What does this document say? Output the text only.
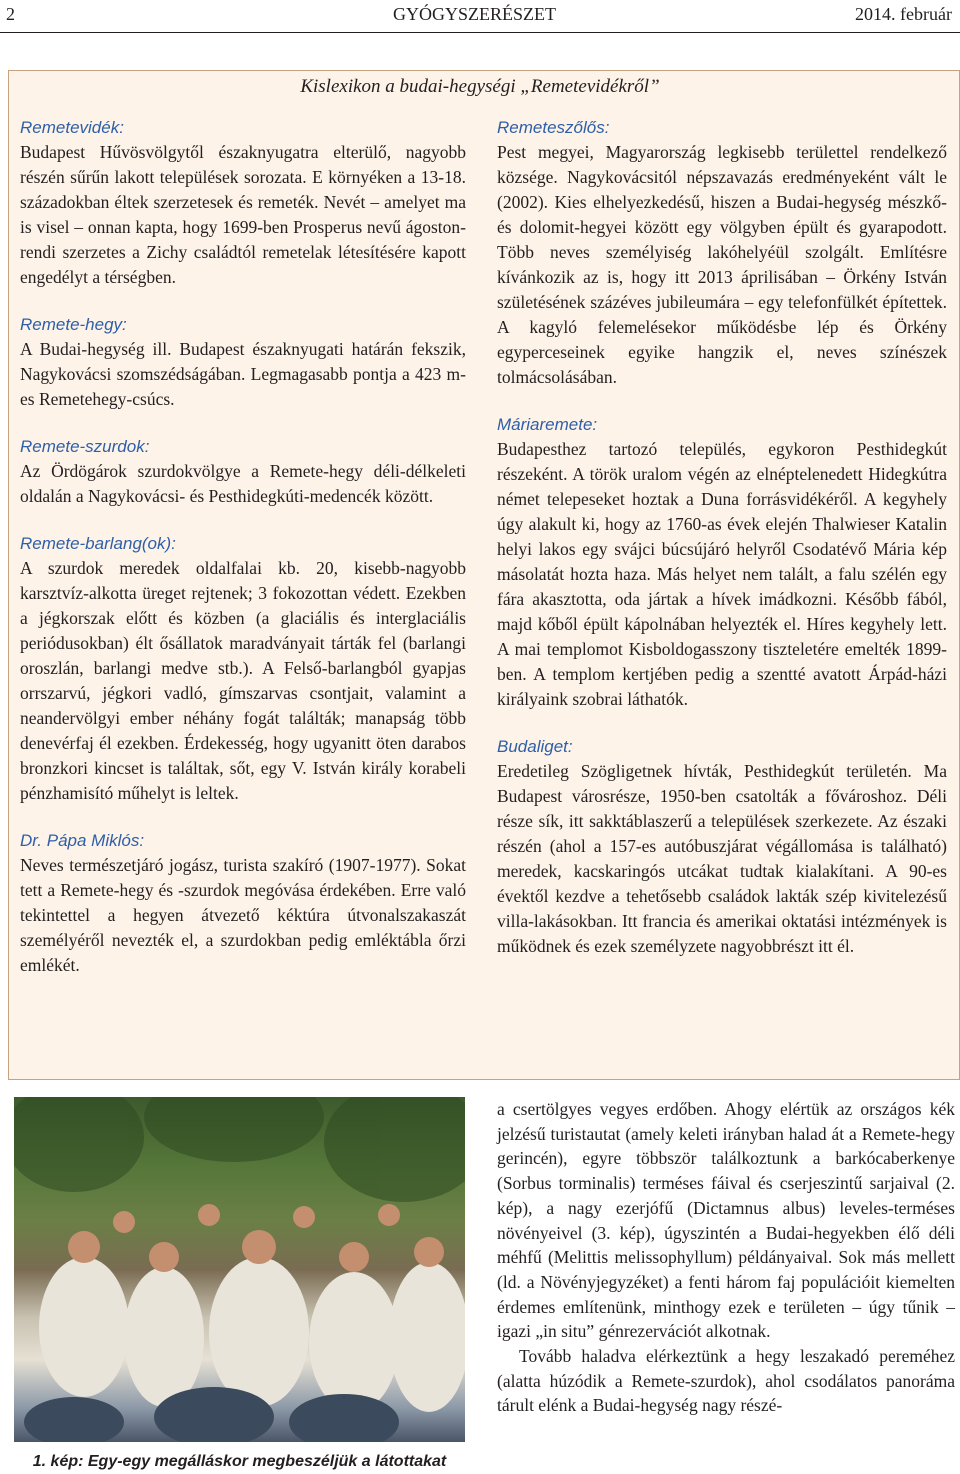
2	GYÓGYSZERÉSZET	2014. február
Kislexikon a budai-hegységi „Remetevidékről”
Remetevidék:

Budapest Hűvösvölgytől északnyugatra elterülő, nagyobb részén sűrűn lakott települések sorozata. E környéken a 13-18. századokban éltek szerzetesek és remeték. Nevét – amelyet ma is visel – onnan kapta, hogy 1699-ben Prosperus nevű ágoston-rendi szerzetes a Zichy családtól remetelak létesítésére kapott engedélyt a térségben.

Remete-hegy:

A Budai-hegység ill. Budapest északnyugati határán fekszik, Nagykovácsi szomszédságában. Legmagasabb pontja a 423 m-es Remetehegy-csúcs.

Remete-szurdok:

Az Ördögárok szurdokvölgye a Remete-hegy déli-délkeleti oldalán a Nagykovácsi- és Pesthidegkúti-medencék között.

Remete-barlang(ok):

A szurdok meredek oldalfalai kb. 20, kisebb-nagyobb karsztvíz-alkotta üreget rejtenek; 3 fokozottan védett. Ezekben a jégkorszak előtt és közben (a glaciális és interglaciális periódusokban) élt ősállatok maradványait tárták fel (barlangi oroszlán, barlangi medve stb.). A Felső-barlangból gyapjas orrszarvú, jégkori vadló, gímszarvas csontjait, valamint a neandervölgyi ember néhány fogát találták; manapság több denevérfaj él ezekben. Érdekesség, hogy ugyanitt öten darabos bronzkori kincset is találtak, sőt, egy V. István király korabeli pénzhamisító műhelyt is leltek.

Dr. Pápa Miklós:

Neves természetjáró jogász, turista szakíró (1907-1977). Sokat tett a Remete-hegy és -szurdok megóvása érdekében. Erre való tekintettel a hegyen átvezető kéktúra útvonalszakaszát személyéről nevezték el, a szurdokban pedig emléktábla őrzi emlékét.

Remeteszőlős:

Pest megyei, Magyarország legkisebb területtel rendelkező községe. Nagykovácsitól népszavazás eredményeként vált le (2002). Kies elhelyezkedésű, hiszen a Budai-hegység mészkő- és dolomit-hegyei között egy völgyben épült és gyarapodott. Több neves személyiség lakóhelyéül szolgált. Említésre kívánkozik az is, hogy itt 2013 áprilisában – Örkény István születésének százéves jubileumára – egy telefonfülkét építettek. A kagyló felemelésekor működésbe lép és Örkény egyperceseinek egyike hangzik el, neves színészek tolmácsolásában.

Máriaremete:

Budapesthez tartozó település, egykoron Pesthidegkút részeként. A török uralom végén az elnéptelenedett Hidegkútra német telepeseket hoztak a Duna forrásvidékéről. A kegyhely úgy alakult ki, hogy az 1760-as évek elején Thalwieser Katalin helyi lakos egy svájci búcsújáró helyről Csodatévő Mária kép másolatát hozta haza. Más helyet nem talált, a falu szélén egy fára akasztotta, oda jártak a hívek imádkozni. Később fából, majd kőből épült kápolnában helyezték el. Híres kegyhely lett. A mai templomot Kisboldogasszony tiszteletére emelték 1899-ben. A templom kertjében pedig a szentté avatott Árpád-házi királyaink szobrai láthatók.

Budaliget:

Eredetileg Szögligetnek hívták, Pesthidegkút területén. Ma Budapest városrésze, 1950-ben csatolták a fővároshoz. Déli része sík, itt sakktáblaszerű a települések szerkezete. Az északi részén (ahol a 157-es autóbuszjárat végállomása is található) meredek, kacskaringós utcákat tudtak kialakítani. A 90-es évektől kezdve a tehetősebb családok lakták szép kivitelezésű villa-lakásokban. Itt francia és amerikai oktatási intézmények is működnek és ezek személyzete nagyobbrészt itt él.

1. kép: Egy-egy megálláskor megbeszéljük a látottakat

a csertölgyes vegyes erdőben. Ahogy elértük az országos kék jelzésű turistautat (amely keleti irányban halad át a Remete-hegy gerincén), egyre többször találkoztunk a barkócaberkenye (Sorbus torminalis) terméses fáival és cserjeszintű sarjaival (2. kép), a nagy ezerjófű (Dictamnus albus) leveles-terméses növényeivel (3. kép), úgyszintén a Budai-hegyekben élő déli méhfű (Melittis melissophyllum) példányaival. Sok más mellett (ld. a Növényjegyzéket) a fenti három faj populációit kiemelten érdemes említenünk, minthogy ezek e területen – úgy tűnik – igazi „in situ” génrezervációt alkotnak.

Tovább haladva elérkeztünk a hegy leszakadó pereméhez (alatta húzódik a Remete-szurdok), ahol csodálatos panoráma tárult elénk a Budai-hegység nagy részé-
